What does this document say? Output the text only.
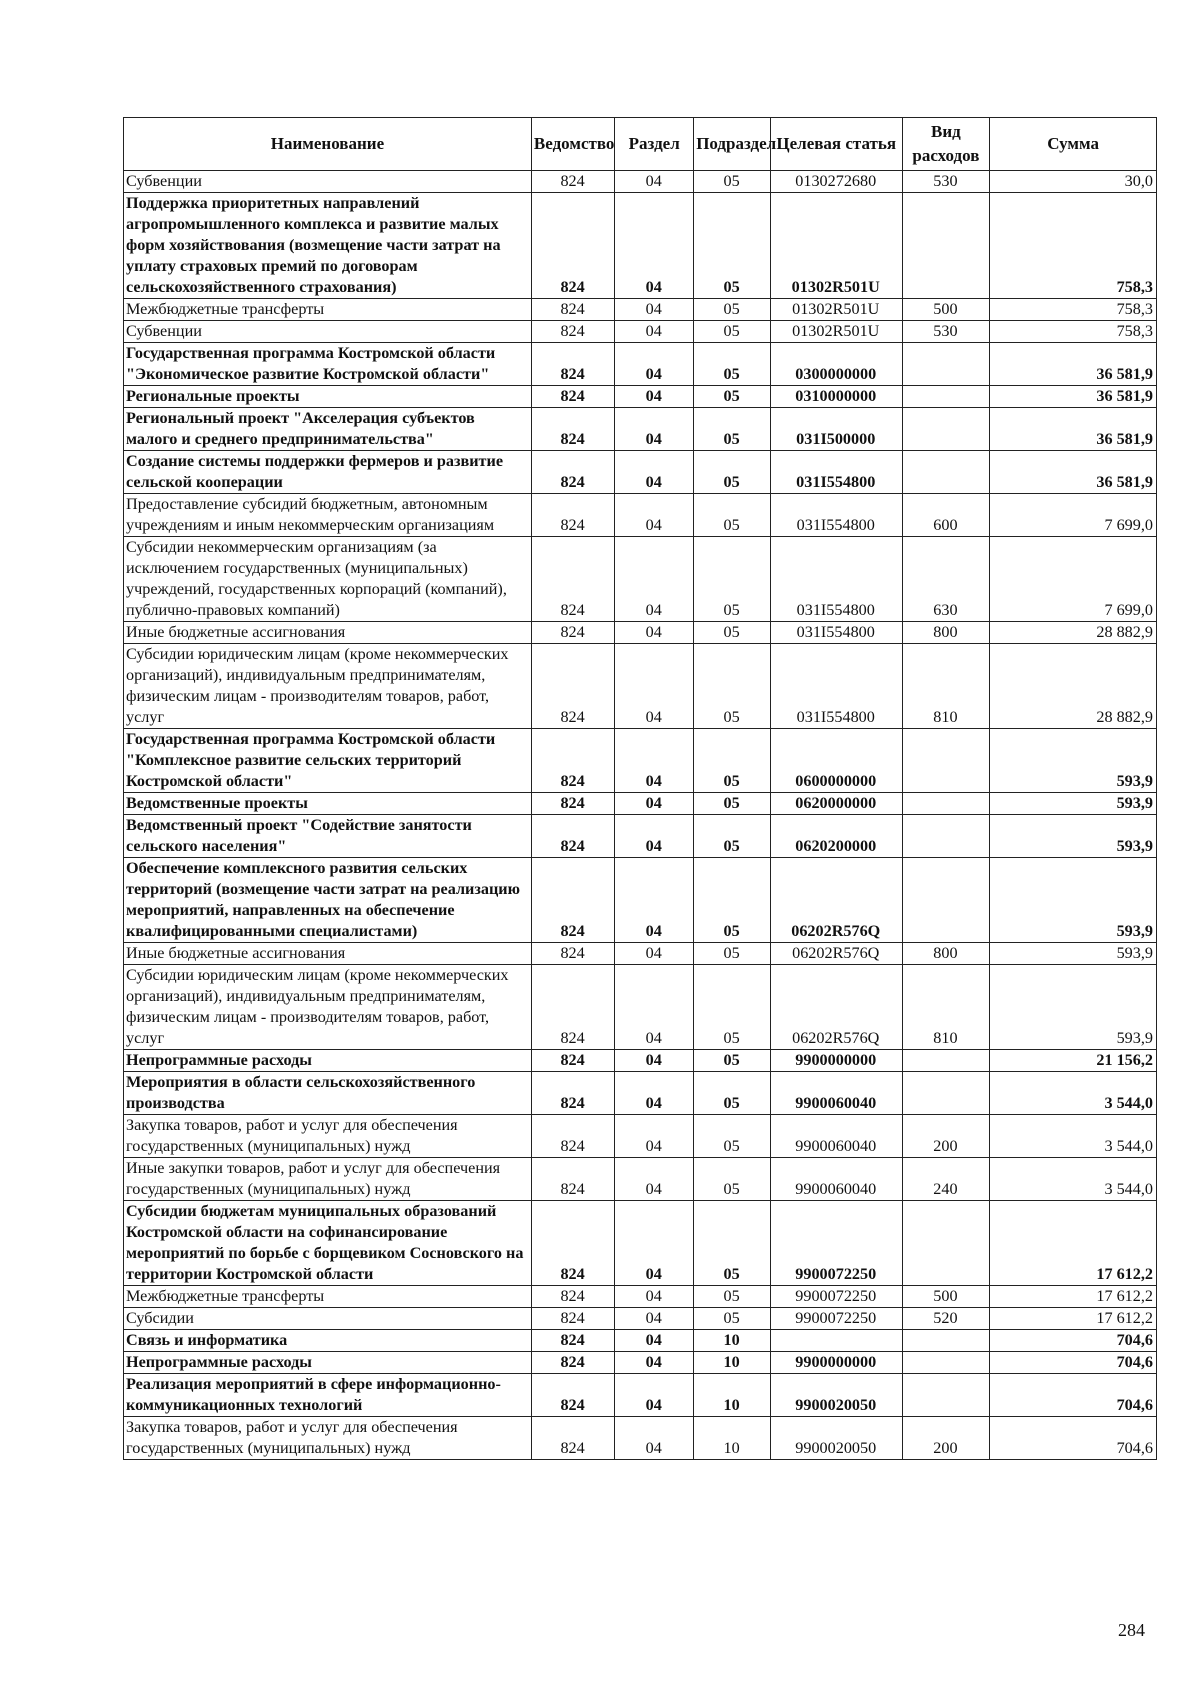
Наименование	Ведомство	Раздел	Подраздел	Целевая статья	Вид расходов	Сумма
Субвенции	824	04	05	0130272680	530	30,0
Поддержка приоритетных направлений агропромышленного комплекса и развитие малых форм хозяйствования (возмещение части затрат на уплату страховых премий по договорам сельскохозяйственного страхования)	824	04	05	01302R501U		758,3
Межбюджетные трансферты	824	04	05	01302R501U	500	758,3
Субвенции	824	04	05	01302R501U	530	758,3
Государственная программа Костромской области "Экономическое развитие Костромской области"	824	04	05	0300000000		36 581,9
Региональные проекты	824	04	05	0310000000		36 581,9
Региональный проект "Акселерация субъектов малого и среднего предпринимательства"	824	04	05	031I500000		36 581,9
Создание системы поддержки фермеров и развитие сельской кооперации	824	04	05	031I554800		36 581,9
Предоставление субсидий бюджетным, автономным учреждениям и иным некоммерческим организациям	824	04	05	031I554800	600	7 699,0
Субсидии некоммерческим организациям (за исключением государственных (муниципальных) учреждений, государственных корпораций (компаний), публично-правовых компаний)	824	04	05	031I554800	630	7 699,0
Иные бюджетные ассигнования	824	04	05	031I554800	800	28 882,9
Субсидии юридическим лицам (кроме некоммерческих организаций), индивидуальным предпринимателям, физическим лицам - производителям товаров, работ, услуг	824	04	05	031I554800	810	28 882,9
Государственная программа Костромской области "Комплексное развитие сельских территорий Костромской области"	824	04	05	0600000000		593,9
Ведомственные проекты	824	04	05	0620000000		593,9
Ведомственный проект "Содействие занятости сельского населения"	824	04	05	0620200000		593,9
Обеспечение комплексного развития сельских территорий (возмещение части затрат на реализацию мероприятий, направленных на обеспечение квалифицированными специалистами)	824	04	05	06202R576Q		593,9
Иные бюджетные ассигнования	824	04	05	06202R576Q	800	593,9
Субсидии юридическим лицам (кроме некоммерческих организаций), индивидуальным предпринимателям, физическим лицам - производителям товаров, работ, услуг	824	04	05	06202R576Q	810	593,9
Непрограммные расходы	824	04	05	9900000000		21 156,2
Мероприятия в области сельскохозяйственного производства	824	04	05	9900060040		3 544,0
Закупка товаров, работ и услуг для обеспечения государственных (муниципальных) нужд	824	04	05	9900060040	200	3 544,0
Иные закупки товаров, работ и услуг для обеспечения государственных (муниципальных) нужд	824	04	05	9900060040	240	3 544,0
Субсидии бюджетам муниципальных образований Костромской области на софинансирование мероприятий по борьбе с борщевиком Сосновского на территории Костромской области	824	04	05	9900072250		17 612,2
Межбюджетные трансферты	824	04	05	9900072250	500	17 612,2
Субсидии	824	04	05	9900072250	520	17 612,2
Связь и информатика	824	04	10			704,6
Непрограммные расходы	824	04	10	9900000000		704,6
Реализация мероприятий в сфере информационно-коммуникационных технологий	824	04	10	9900020050		704,6
Закупка товаров, работ и услуг для обеспечения государственных (муниципальных) нужд	824	04	10	9900020050	200	704,6
284
